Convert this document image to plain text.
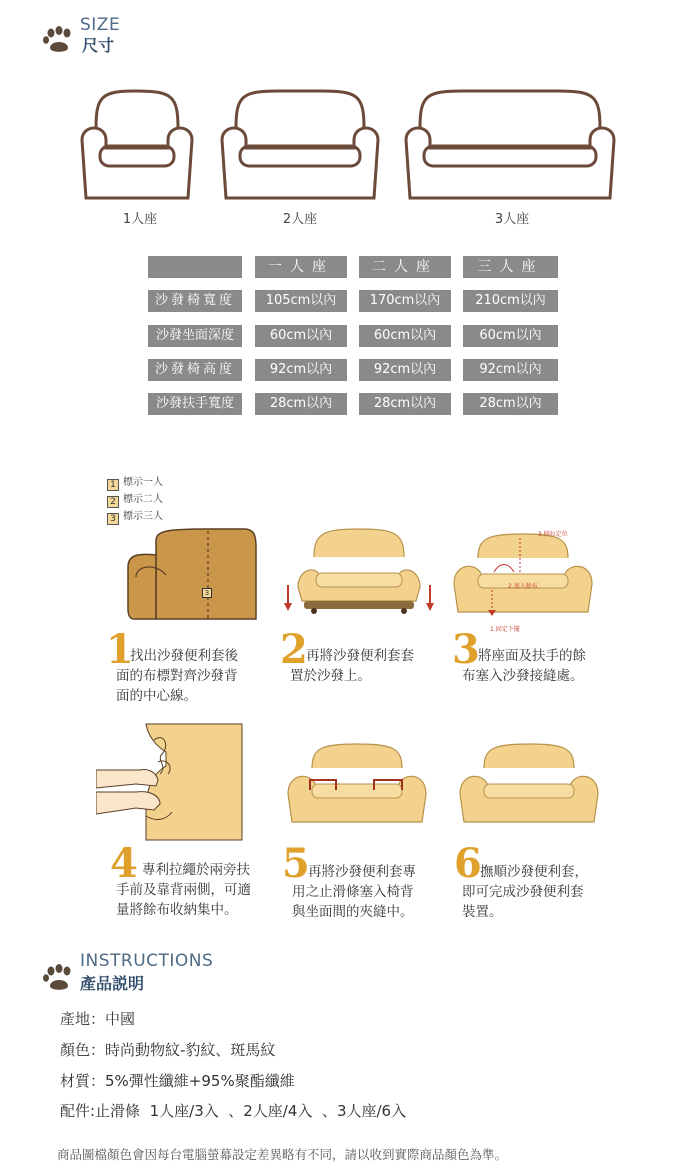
SIZE
尺寸
1人座	2人座	3人座
一人座	二人座	三人座
沙發椅寬度	105cm以內	170cm以內	210cm以內
沙發坐面深度	60cm以內	60cm以內	60cm以內
沙發椅高度	92cm以內	92cm以內	92cm以內
沙發扶手寬度	28cm以內	28cm以內	28cm以內
1 標示一人
2 標示二人
3 標示三人
3
3.側拉定位
2.塞入餘布
1.固定下擺
1
找出沙發便利套後
面的布標對齊沙發背
面的中心線。
2
再將沙發便利套套
置於沙發上。
3
將座面及扶手的餘
布塞入沙發接縫處。
4 專利拉繩於兩旁扶
手前及靠背兩側，可適
量將餘布收納集中。
5
再將沙發便利套專
用之止滑條塞入椅背
與坐面間的夾縫中。
6
撫順沙發便利套，
即可完成沙發便利套
裝置。
INSTRUCTIONS
產品説明
產地：中國
顏色：時尚動物紋-豹紋、斑馬紋
材質：5%彈性纖維+95%聚酯纖維
配件:止滑條  1人座/3入  、2人座/4入  、3人座/6入
商品圖檔顏色會因每台電腦螢幕設定差異略有不同，請以收到實際商品顏色為準。
